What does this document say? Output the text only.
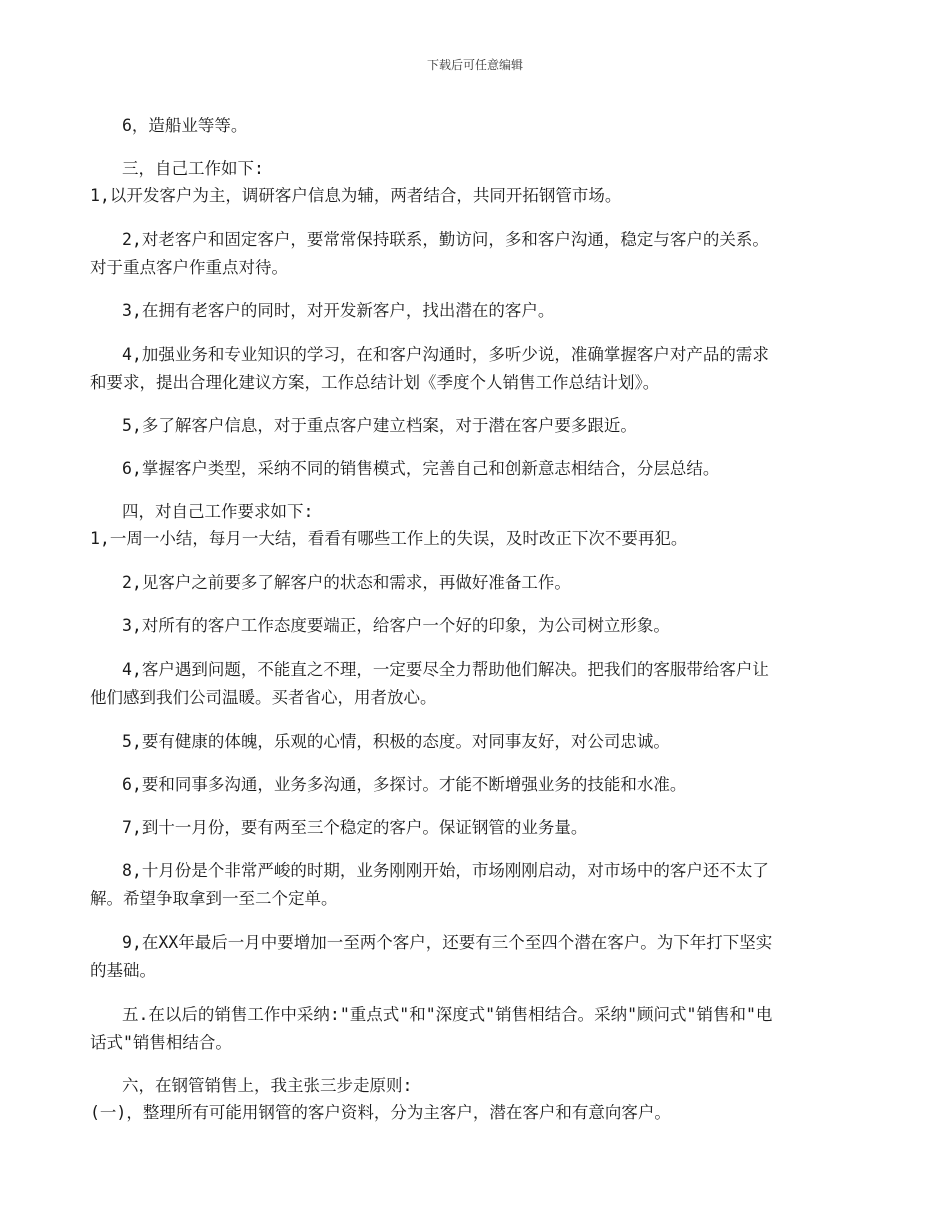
下载后可任意编辑
6，造船业等等。
三，自己工作如下:
1,以开发客户为主，调研客户信息为辅，两者结合，共同开拓钢管市场。
2,对老客户和固定客户，要常常保持联系，勤访问，多和客户沟通，稳定与客户的关系。
对于重点客户作重点对待。
3,在拥有老客户的同时，对开发新客户，找出潜在的客户。
4,加强业务和专业知识的学习，在和客户沟通时，多听少说，准确掌握客户对产品的需求
和要求，提出合理化建议方案，工作总结计划《季度个人销售工作总结计划》。
5,多了解客户信息，对于重点客户建立档案，对于潜在客户要多跟近。
6,掌握客户类型，采纳不同的销售模式，完善自己和创新意志相结合，分层总结。
四，对自己工作要求如下:
1,一周一小结，每月一大结，看看有哪些工作上的失误，及时改正下次不要再犯。
2,见客户之前要多了解客户的状态和需求，再做好准备工作。
3,对所有的客户工作态度要端正，给客户一个好的印象，为公司树立形象。
4,客户遇到问题，不能直之不理，一定要尽全力帮助他们解决。把我们的客服带给客户让
他们感到我们公司温暖。买者省心，用者放心。
5,要有健康的体魄，乐观的心情，积极的态度。对同事友好，对公司忠诚。
6,要和同事多沟通，业务多沟通，多探讨。才能不断增强业务的技能和水准。
7,到十一月份，要有两至三个稳定的客户。保证钢管的业务量。
8,十月份是个非常严峻的时期，业务刚刚开始，市场刚刚启动，对市场中的客户还不太了
解。希望争取拿到一至二个定单。
9,在XX年最后一月中要增加一至两个客户，还要有三个至四个潜在客户。为下年打下坚实
的基础。
五.在以后的销售工作中采纳:"重点式"和"深度式"销售相结合。采纳"顾问式"销售和"电
话式"销售相结合。
六，在钢管销售上，我主张三步走原则:
(一)，整理所有可能用钢管的客户资料，分为主客户，潜在客户和有意向客户。
